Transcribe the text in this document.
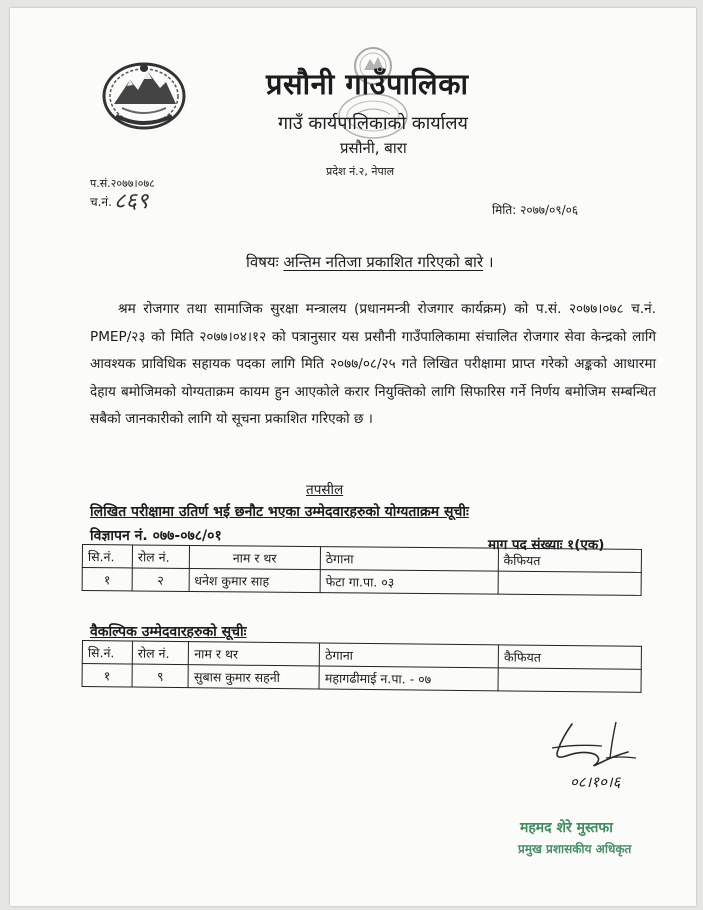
प्रसौनी गाउँपालिका
गाउँ कार्यपालिकाको कार्यालय
प्रसौनी, बारा
प्रदेश नं.२, नेपाल
प.सं.२०७७।०७८
च.नं. ८६९	मिति: २०७७/०९/०६
विषयः अन्तिम नतिजा प्रकाशित गरिएको बारे ।
श्रम रोजगार तथा सामाजिक सुरक्षा मन्त्रालय (प्रधानमन्त्री रोजगार कार्यक्रम) को प.सं. २०७७।०७८ च.नं. PMEP/२३ को मिति २०७७।०४।१२ को पत्रानुसार यस प्रसौनी गाउँपालिकामा संचालित रोजगार सेवा केन्द्रको लागि आवश्यक प्राविधिक सहायक पदका लागि मिति २०७७/०८/२५ गते लिखित परीक्षामा प्राप्त गरेको अङ्कको आधारमा देहाय बमोजिमको योग्यताक्रम कायम हुन आएकोले करार नियुक्तिको लागि सिफारिस गर्ने निर्णय बमोजिम सम्बन्धित सबैको जानकारीको लागि यो सूचना प्रकाशित गरिएको छ ।
तपसील
लिखित परीक्षामा उतिर्ण भई छनौट भएका उम्मेदवारहरुको योग्यताक्रम सूचीः
विज्ञापन नं. ०७७-०७८/०१
माग पद संख्याः १(एक)
सि.नं.	रोल नं.	नाम र थर	ठेगाना	कैफियत
१	२	धनेश कुमार साह	फेटा गा.पा. ०३	
वैकल्पिक उम्मेदवारहरुको सूचीः
सि.नं.	रोल नं.	नाम र थर	ठेगाना	कैफियत
१	९	सुबास कुमार सहनी	महागढीमाई न.पा. - ०७	
०८।१०।६
महमद शेरे मुस्तफा
प्रमुख प्रशासकीय अधिकृत
